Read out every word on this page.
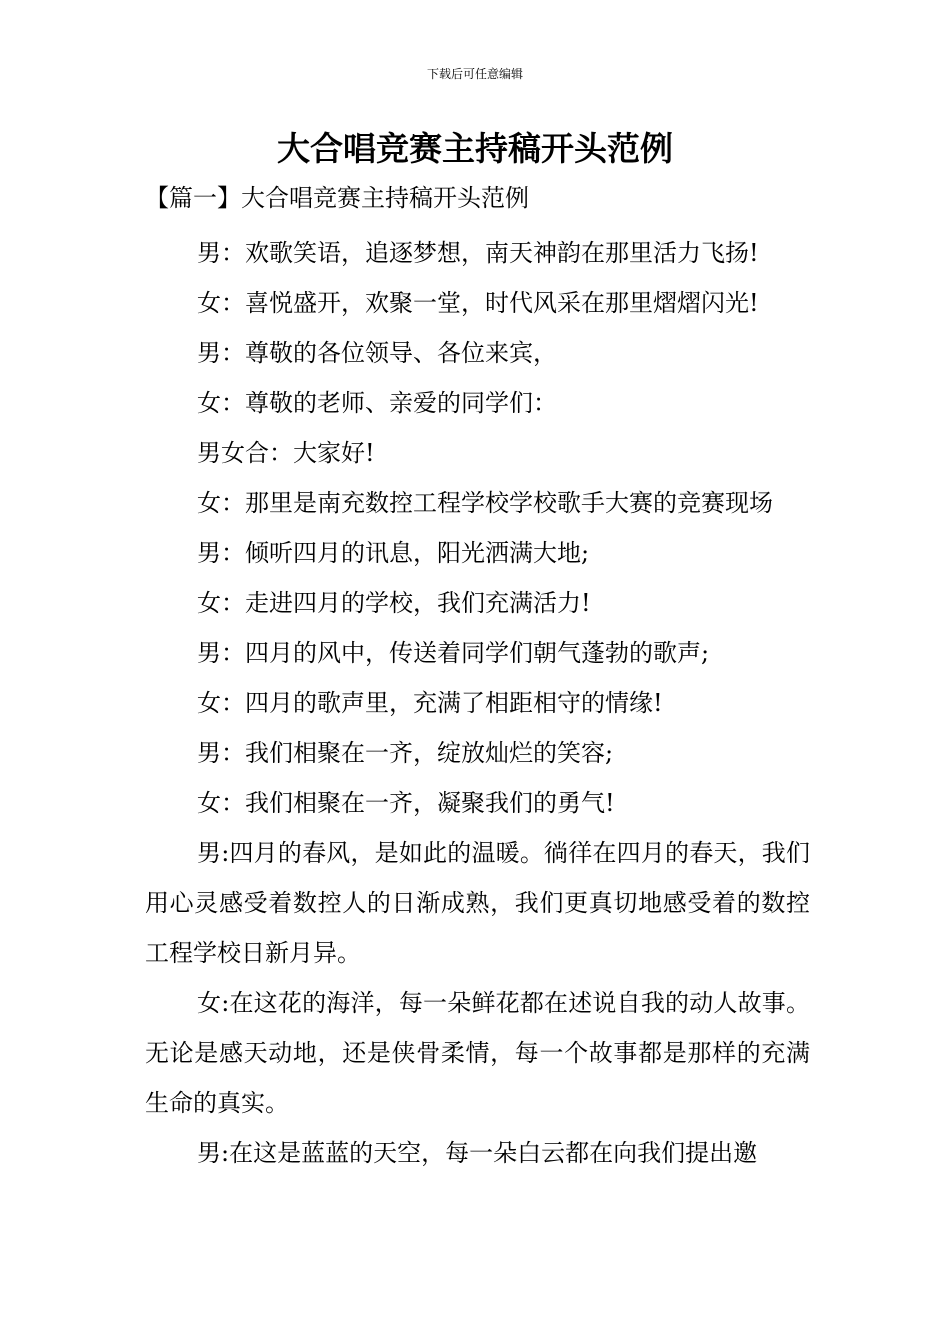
下载后可任意编辑
大合唱竞赛主持稿开头范例
【篇一】大合唱竞赛主持稿开头范例

男：欢歌笑语，追逐梦想，南天神韵在那里活力飞扬!

女：喜悦盛开，欢聚一堂，时代风采在那里熠熠闪光!

男：尊敬的各位领导、各位来宾，

女：尊敬的老师、亲爱的同学们：

男女合：大家好!

女：那里是南充数控工程学校学校歌手大赛的竞赛现场

男：倾听四月的讯息，阳光洒满大地;

女：走进四月的学校，我们充满活力!

男：四月的风中，传送着同学们朝气蓬勃的歌声;

女：四月的歌声里，充满了相距相守的情缘!

男：我们相聚在一齐，绽放灿烂的笑容;

女：我们相聚在一齐，凝聚我们的勇气!

男:四月的春风，是如此的温暖。徜徉在四月的春天，我们用心灵感受着数控人的日渐成熟，我们更真切地感受着的数控工程学校日新月异。

女:在这花的海洋，每一朵鲜花都在述说自我的动人故事。无论是感天动地，还是侠骨柔情，每一个故事都是那样的充满生命的真实。

男:在这是蓝蓝的天空，每一朵白云都在向我们提出邀
